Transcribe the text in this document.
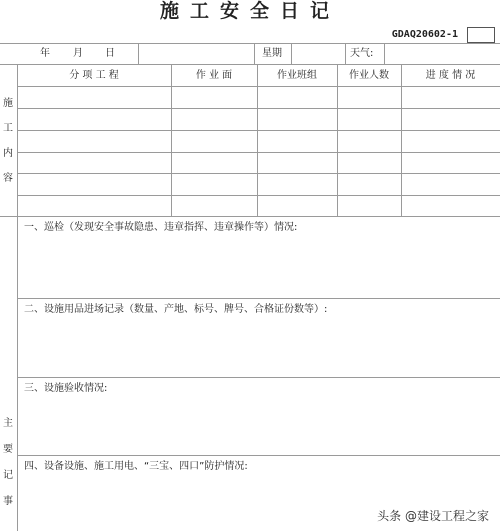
施工安全日记
GDAQ20602-1
年 月 日	星期	天气:
分 项 工 程	作 业 面	作业班组	作业人数	进 度 情 况
施
工
内
容
一、巡检（发现安全事故隐患、违章指挥、违章操作等）情况:
二、设施用品进场记录（数量、产地、标号、牌号、合格证份数等）:
三、设施验收情况:
四、设备设施、施工用电、“三宝、四口”防护情况:
主
要
记
事
头条 @建设工程之家
